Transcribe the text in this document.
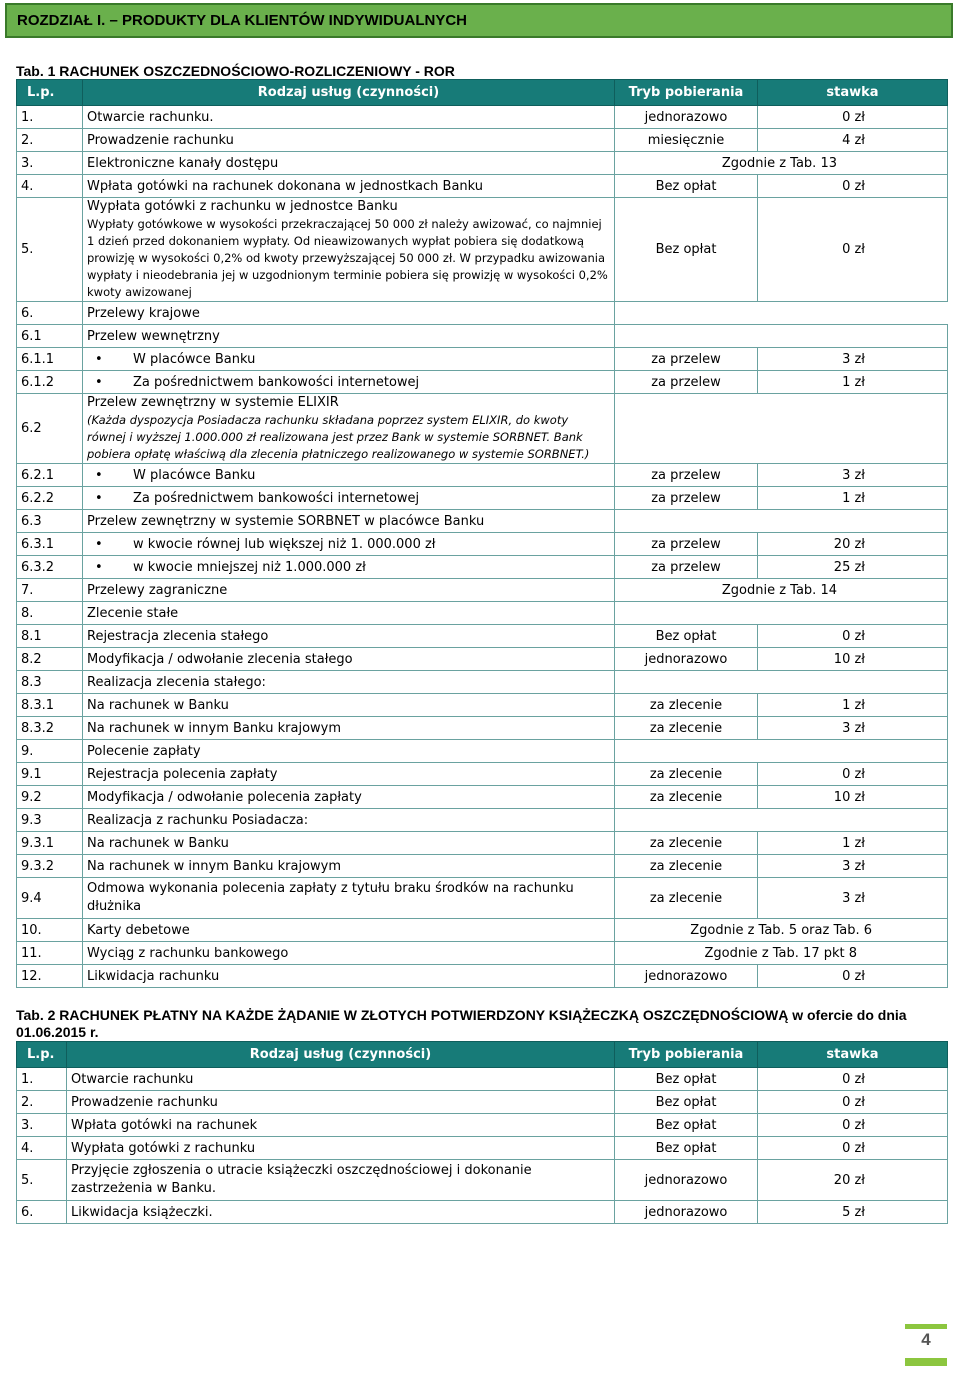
ROZDZIAŁ I. – PRODUKTY DLA KLIENTÓW INDYWIDUALNYCH
Tab. 1 RACHUNEK OSZCZEDNOŚCIOWO-ROZLICZENIOWY - ROR
L.p.	Rodzaj usług (czynności)	Tryb pobierania	stawka
1.	Otwarcie rachunku.	jednorazowo	0 zł
2.	Prowadzenie rachunku	miesięcznie	4 zł
3.	Elektroniczne kanały dostępu	Zgodnie z Tab. 13	
4.	Wpłata gotówki na rachunek dokonana w jednostkach Banku	Bez opłat	0 zł
5.	Wypłata gotówki z rachunku w jednostce Banku
Wypłaty gotówkowe w wysokości przekraczającej 50 000 zł należy awizować, co najmniej 1 dzień przed dokonaniem wypłaty. Od nieawizowanych wypłat pobiera się dodatkową prowizję w wysokości 0,2% od kwoty przewyższającej 50 000 zł. W przypadku awizowania wypłaty i nieodebrania jej w uzgodnionym terminie pobiera się prowizję w wysokości 0,2% kwoty awizowanej	Bez opłat	0 zł
6.	Przelewy krajowe		
6.1	Przelew wewnętrzny		
6.1.1	• W placówce Banku	za przelew	3 zł
6.1.2	• Za pośrednictwem bankowości internetowej	za przelew	1 zł
6.2	Przelew zewnętrzny w systemie ELIXIR
(Każda dyspozycja Posiadacza rachunku składana poprzez system ELIXIR, do kwoty równej i wyższej 1.000.000 zł realizowana jest przez Bank w systemie SORBNET. Bank pobiera opłatę właściwą dla zlecenia płatniczego realizowanego w systemie SORBNET.)		

6.2.1	• W placówce Banku	za przelew	3 zł
6.2.2	• Za pośrednictwem bankowości internetowej	za przelew	1 zł
6.3	Przelew zewnętrzny w systemie SORBNET w placówce Banku		
6.3.1	• w kwocie równej lub większej niż 1. 000.000 zł	za przelew	20 zł
6.3.2	• w kwocie mniejszej niż 1.000.000 zł	za przelew	25 zł
7.	Przelewy zagraniczne	Zgodnie z Tab. 14	
8.	Zlecenie stałe		
8.1	Rejestracja zlecenia stałego	Bez opłat	0 zł
8.2	Modyfikacja / odwołanie zlecenia stałego	jednorazowo	10 zł
8.3	Realizacja zlecenia stałego:		
8.3.1	Na rachunek w Banku	za zlecenie	1 zł
8.3.2	Na rachunek w innym Banku krajowym	za zlecenie	3 zł
9.	Polecenie zapłaty		
9.1	Rejestracja polecenia zapłaty	za zlecenie	0 zł
9.2	Modyfikacja / odwołanie polecenia zapłaty	za zlecenie	10 zł
9.3	Realizacja z rachunku Posiadacza:		
9.3.1	Na rachunek w Banku	za zlecenie	1 zł
9.3.2	Na rachunek w innym Banku krajowym	za zlecenie	3 zł
9.4	Odmowa wykonania polecenia zapłaty z tytułu braku środków na rachunku dłużnika	za zlecenie	3 zł
10.	Karty debetowe	Zgodnie z Tab. 5 oraz Tab. 6	
11.	Wyciąg z rachunku bankowego	Zgodnie z Tab. 17 pkt 8	
12.	Likwidacja rachunku	jednorazowo	0 zł
Tab. 2 RACHUNEK PŁATNY NA KAŻDE ŻĄDANIE W ZŁOTYCH POTWIERDZONY KSIĄŻECZKĄ OSZCZĘDNOŚCIOWĄ w ofercie do dnia 01.06.2015 r.
L.p.	Rodzaj usług (czynności)	Tryb pobierania	stawka
1.	Otwarcie rachunku	Bez opłat	0 zł
2.	Prowadzenie rachunku	Bez opłat	0 zł
3.	Wpłata gotówki na rachunek	Bez opłat	0 zł
4.	Wypłata gotówki z rachunku	Bez opłat	0 zł
5.	Przyjęcie zgłoszenia o utracie książeczki oszczędnościowej i dokonanie zastrzeżenia w Banku.	jednorazowo	20 zł
6.	Likwidacja książeczki.	jednorazowo	5 zł
4
